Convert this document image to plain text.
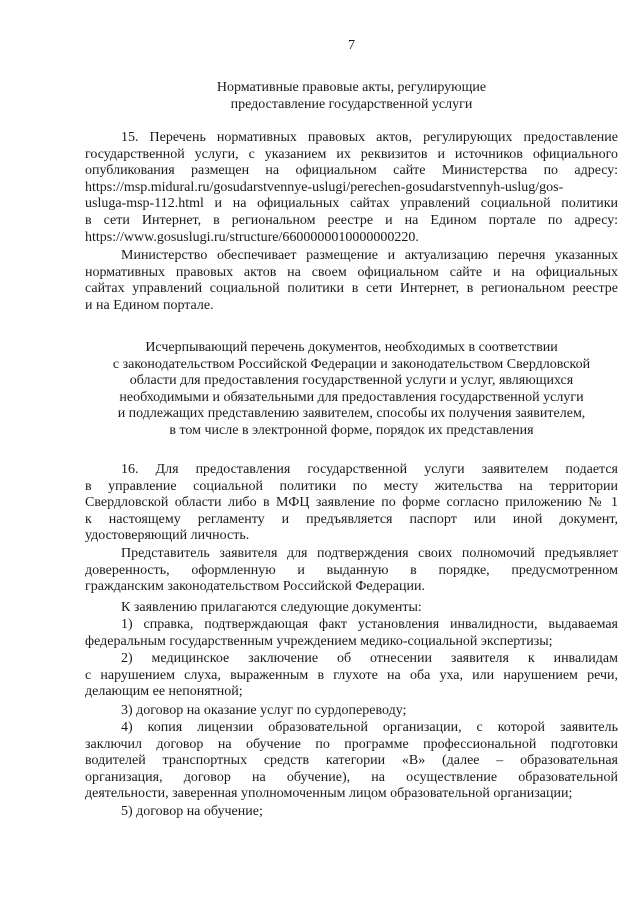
7
Нормативные правовые акты, регулирующие
предоставление государственной услуги
15. Перечень нормативных правовых актов, регулирующих предоставление
государственной услуги, с указанием их реквизитов и источников официального
опубликования размещен на официальном сайте Министерства по адресу:
https://msp.midural.ru/gosudarstvennye-uslugi/perechen-gosudarstvennyh-uslug/gos-
usluga-msp-112.html и на официальных сайтах управлений социальной политики
в сети Интернет, в региональном реестре и на Едином портале по адресу:
https://www.gosuslugi.ru/structure/6600000010000000220.
Министерство обеспечивает размещение и актуализацию перечня указанных
нормативных правовых актов на своем официальном сайте и на официальных
сайтах управлений социальной политики в сети Интернет, в региональном реестре
и на Едином портале.
Исчерпывающий перечень документов, необходимых в соответствии
с законодательством Российской Федерации и законодательством Свердловской
области для предоставления государственной услуги и услуг, являющихся
необходимыми и обязательными для предоставления государственной услуги
и подлежащих представлению заявителем, способы их получения заявителем,
в том числе в электронной форме, порядок их представления
16. Для предоставления государственной услуги заявителем подается
в управление социальной политики по месту жительства на территории
Свердловской области либо в МФЦ заявление по форме согласно приложению № 1
к настоящему регламенту и предъявляется паспорт или иной документ,
удостоверяющий личность.
Представитель заявителя для подтверждения своих полномочий предъявляет
доверенность, оформленную и выданную в порядке, предусмотренном
гражданским законодательством Российской Федерации.
К заявлению прилагаются следующие документы:
1) справка, подтверждающая факт установления инвалидности, выдаваемая
федеральным государственным учреждением медико-социальной экспертизы;
2) медицинское заключение об отнесении заявителя к инвалидам
с нарушением слуха, выраженным в глухоте на оба уха, или нарушением речи,
делающим ее непонятной;
3) договор на оказание услуг по сурдопереводу;
4) копия лицензии образовательной организации, с которой заявитель
заключил договор на обучение по программе профессиональной подготовки
водителей транспортных средств категории «В» (далее – образовательная
организация, договор на обучение), на осуществление образовательной
деятельности, заверенная уполномоченным лицом образовательной организации;
5) договор на обучение;
